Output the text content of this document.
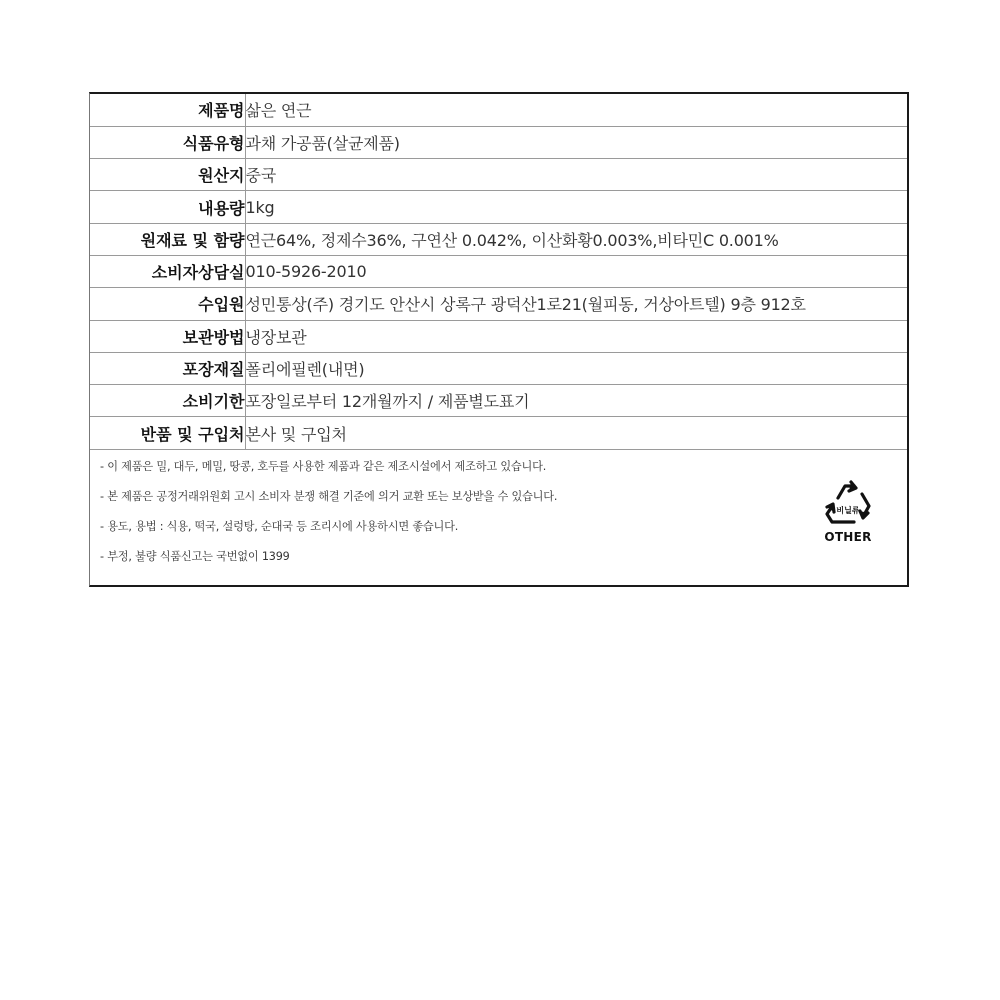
제품명	삶은 연근
식품유형	과채 가공품(살균제품)
원산지	중국
내용량	1kg
원재료 및 함량	연근64%, 정제수36%, 구연산 0.042%, 이산화황0.003%,비타민C 0.001%
소비자상담실	010-5926-2010
수입원	성민통상(주) 경기도 안산시 상록구 광덕산1로21(월피동, 거상아트텔) 9층 912호
보관방법	냉장보관
포장재질	폴리에필렌(내면)
소비기한	포장일로부터 12개월까지 / 제품별도표기
반품 및 구입처	본사 및 구입처
- 이 제품은 밀, 대두, 메밀, 땅콩, 호두를 사용한 제품과 같은 제조시설에서 제조하고 있습니다.
- 본 제품은 공정거래위원회 고시 소비자 분쟁 해결 기준에 의거 교환 또는 보상받을 수 있습니다.
- 용도, 용법 : 식용, 떡국, 설렁탕, 순대국 등 조리시에 사용하시면 좋습니다.
- 부정, 불량 식품신고는 국번없이 1399
비닐류
OTHER
